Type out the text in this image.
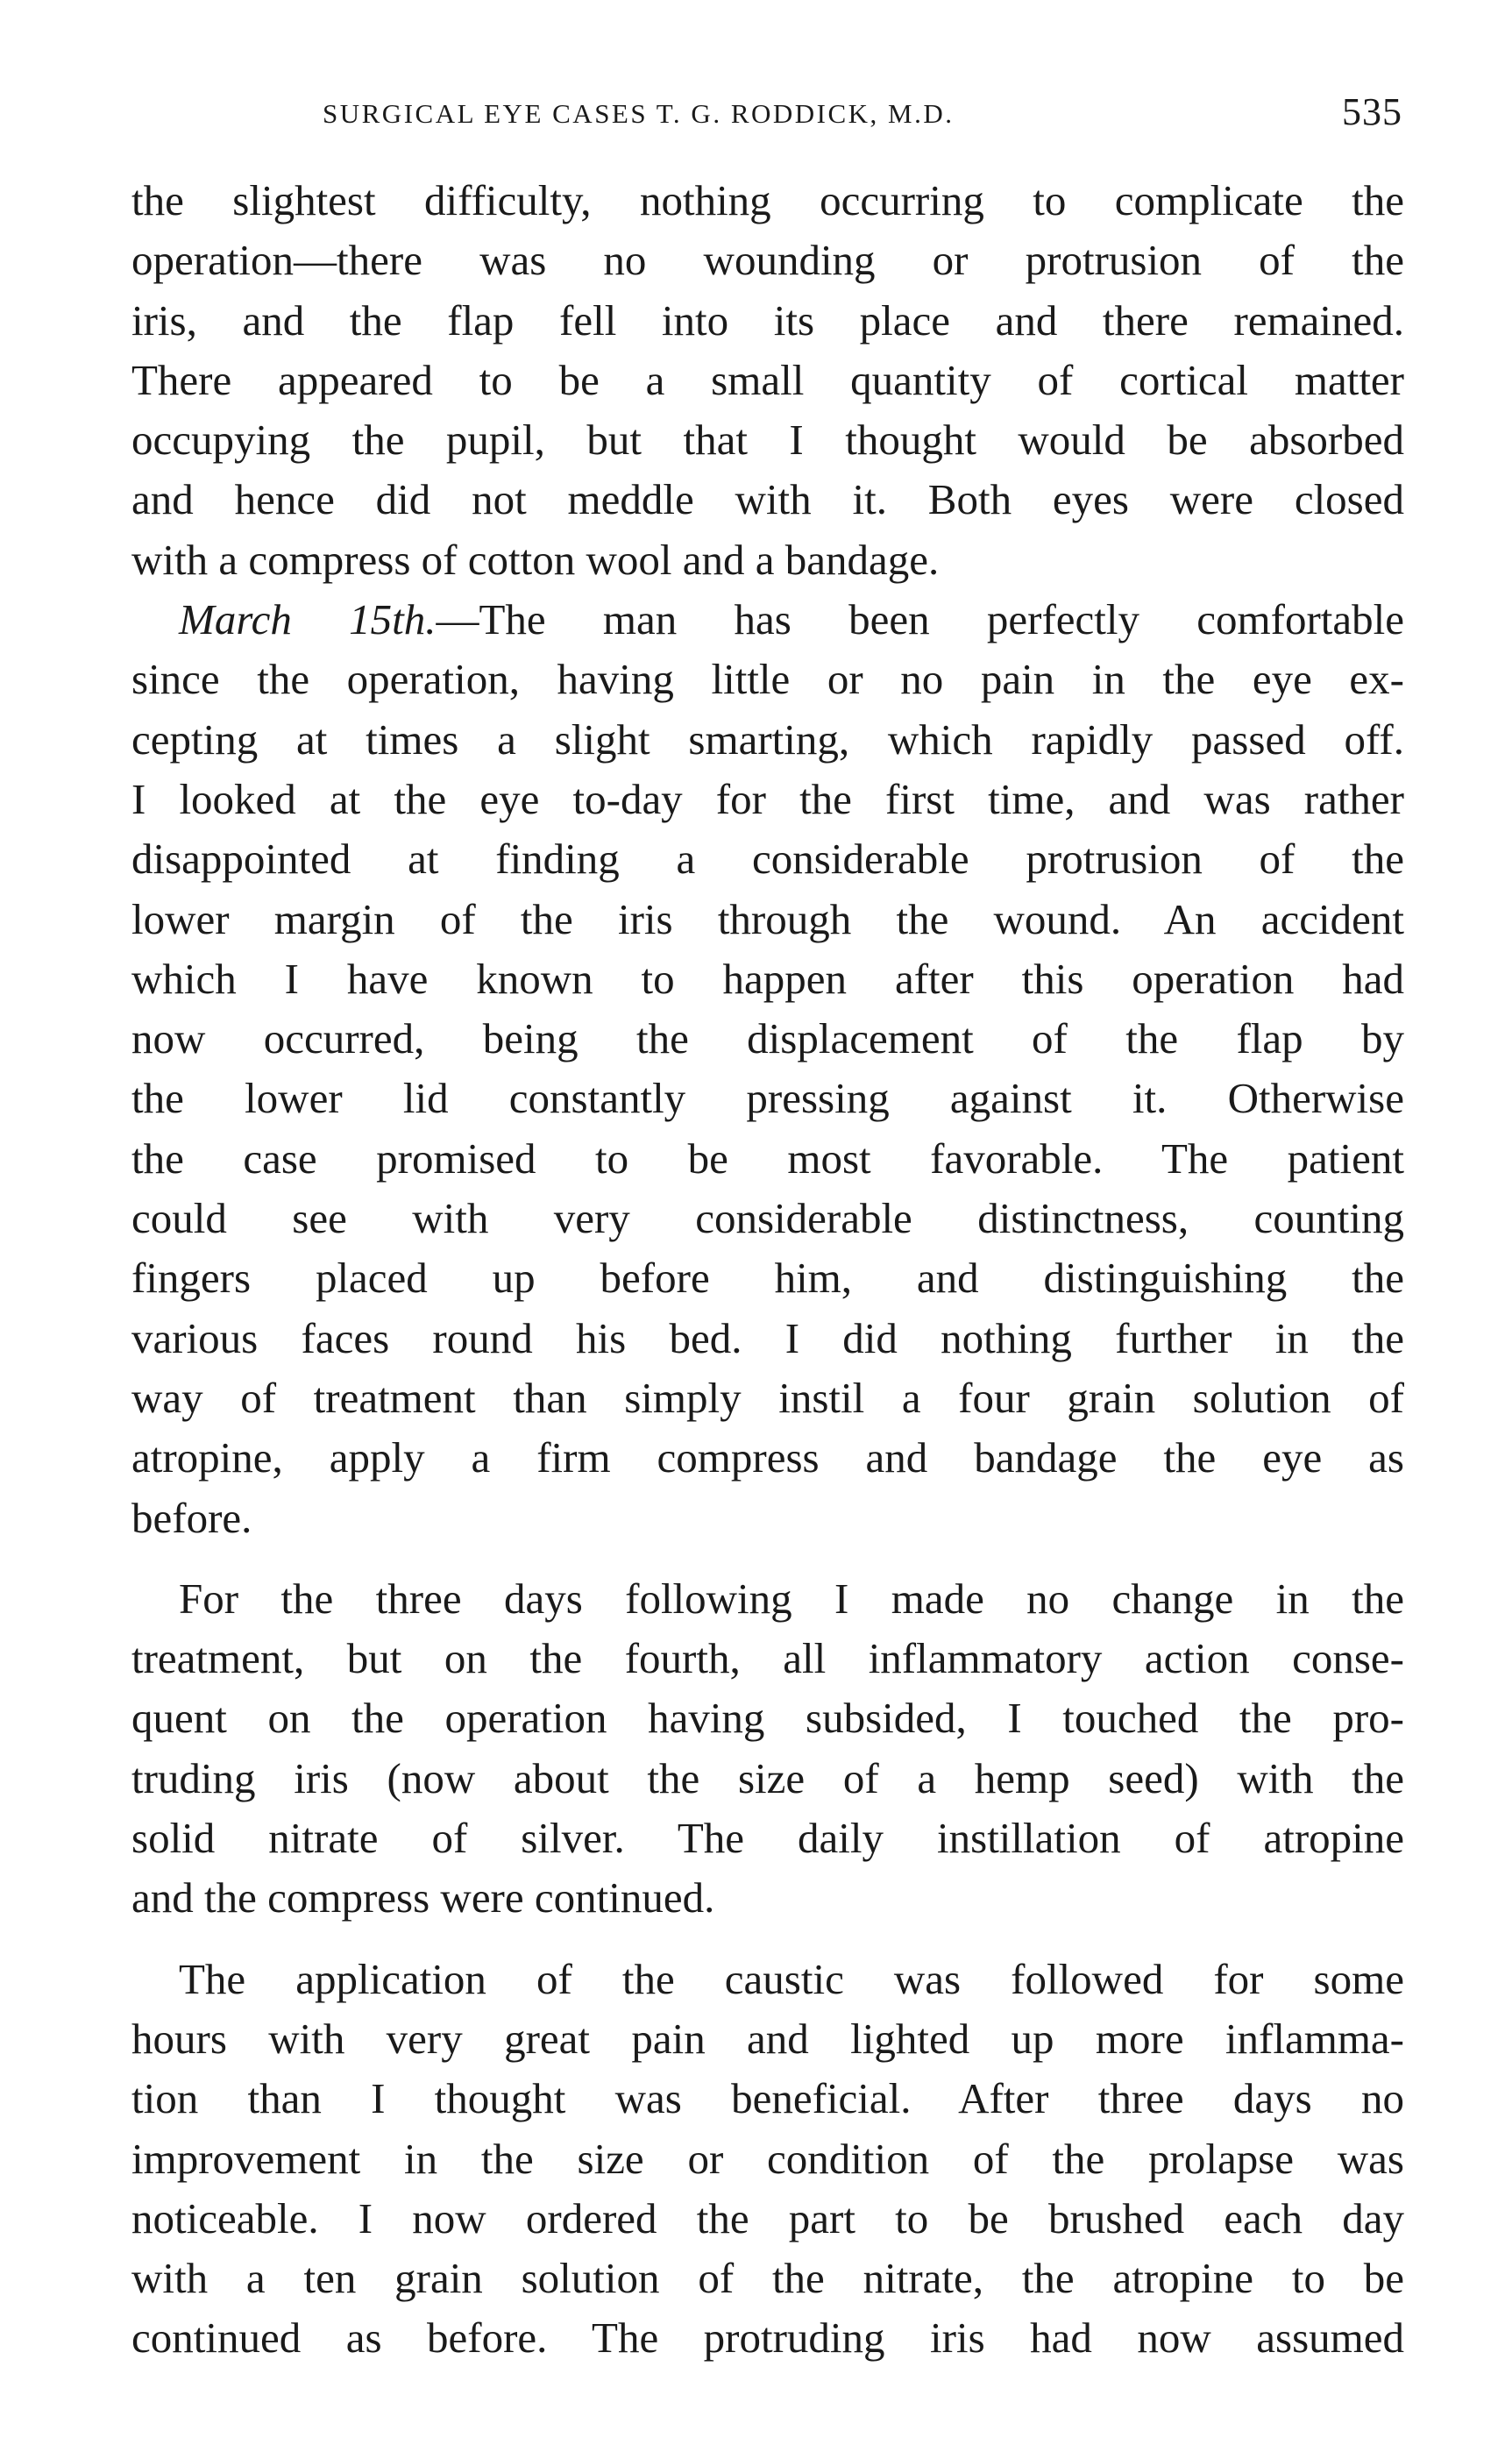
SURGICAL EYE CASES T. G. RODDICK, M.D.	535
the slightest difficulty, nothing occurring to complicate the
operation—there was no wounding or protrusion of the
iris, and the flap fell into its place and there remained.
There appeared to be a small quantity of cortical matter
occupying the pupil, but that I thought would be absorbed
and hence did not meddle with it. Both eyes were closed
with a compress of cotton wool and a bandage.
March 15th.—The man has been perfectly comfortable
since the operation, having little or no pain in the eye ex-
cepting at times a slight smarting, which rapidly passed off.
I looked at the eye to-day for the first time, and was rather
disappointed at finding a considerable protrusion of the
lower margin of the iris through the wound. An accident
which I have known to happen after this operation had
now occurred, being the displacement of the flap by
the lower lid constantly pressing against it. Otherwise
the case promised to be most favorable. The patient
could see with very considerable distinctness, counting
fingers placed up before him, and distinguishing the
various faces round his bed. I did nothing further in the
way of treatment than simply instil a four grain solution of
atropine, apply a firm compress and bandage the eye as
before.
For the three days following I made no change in the
treatment, but on the fourth, all inflammatory action conse-
quent on the operation having subsided, I touched the pro-
truding iris (now about the size of a hemp seed) with the
solid nitrate of silver. The daily instillation of atropine
and the compress were continued.
The application of the caustic was followed for some
hours with very great pain and lighted up more inflamma-
tion than I thought was beneficial. After three days no
improvement in the size or condition of the prolapse was
noticeable. I now ordered the part to be brushed each day
with a ten grain solution of the nitrate, the atropine to be
continued as before. The protruding iris had now assumed
